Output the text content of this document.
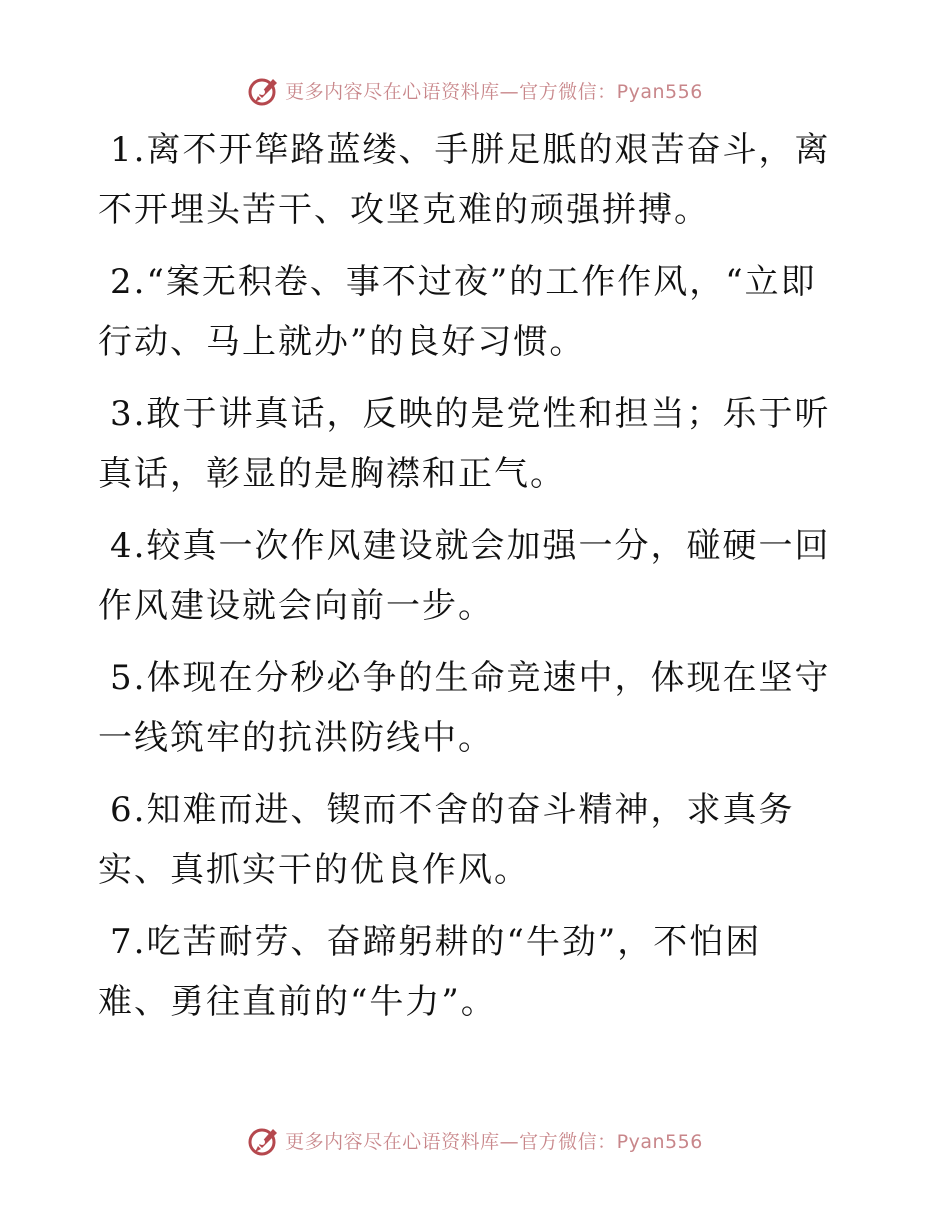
更多内容尽在心语资料库—官方微信：Pyan556

1.离不开筚路蓝缕、手胼足胝的艰苦奋斗，离不开埋头苦干、攻坚克难的顽强拼搏。

2.“案无积卷、事不过夜”的工作作风，“立即行动、马上就办”的良好习惯。

3.敢于讲真话，反映的是党性和担当；乐于听真话，彰显的是胸襟和正气。

4.较真一次作风建设就会加强一分，碰硬一回作风建设就会向前一步。

5.体现在分秒必争的生命竞速中，体现在坚守一线筑牢的抗洪防线中。

6.知难而进、锲而不舍的奋斗精神，求真务实、真抓实干的优良作风。

7.吃苦耐劳、奋蹄躬耕的“牛劲”，不怕困难、勇往直前的“牛力”。

更多内容尽在心语资料库—官方微信：Pyan556
